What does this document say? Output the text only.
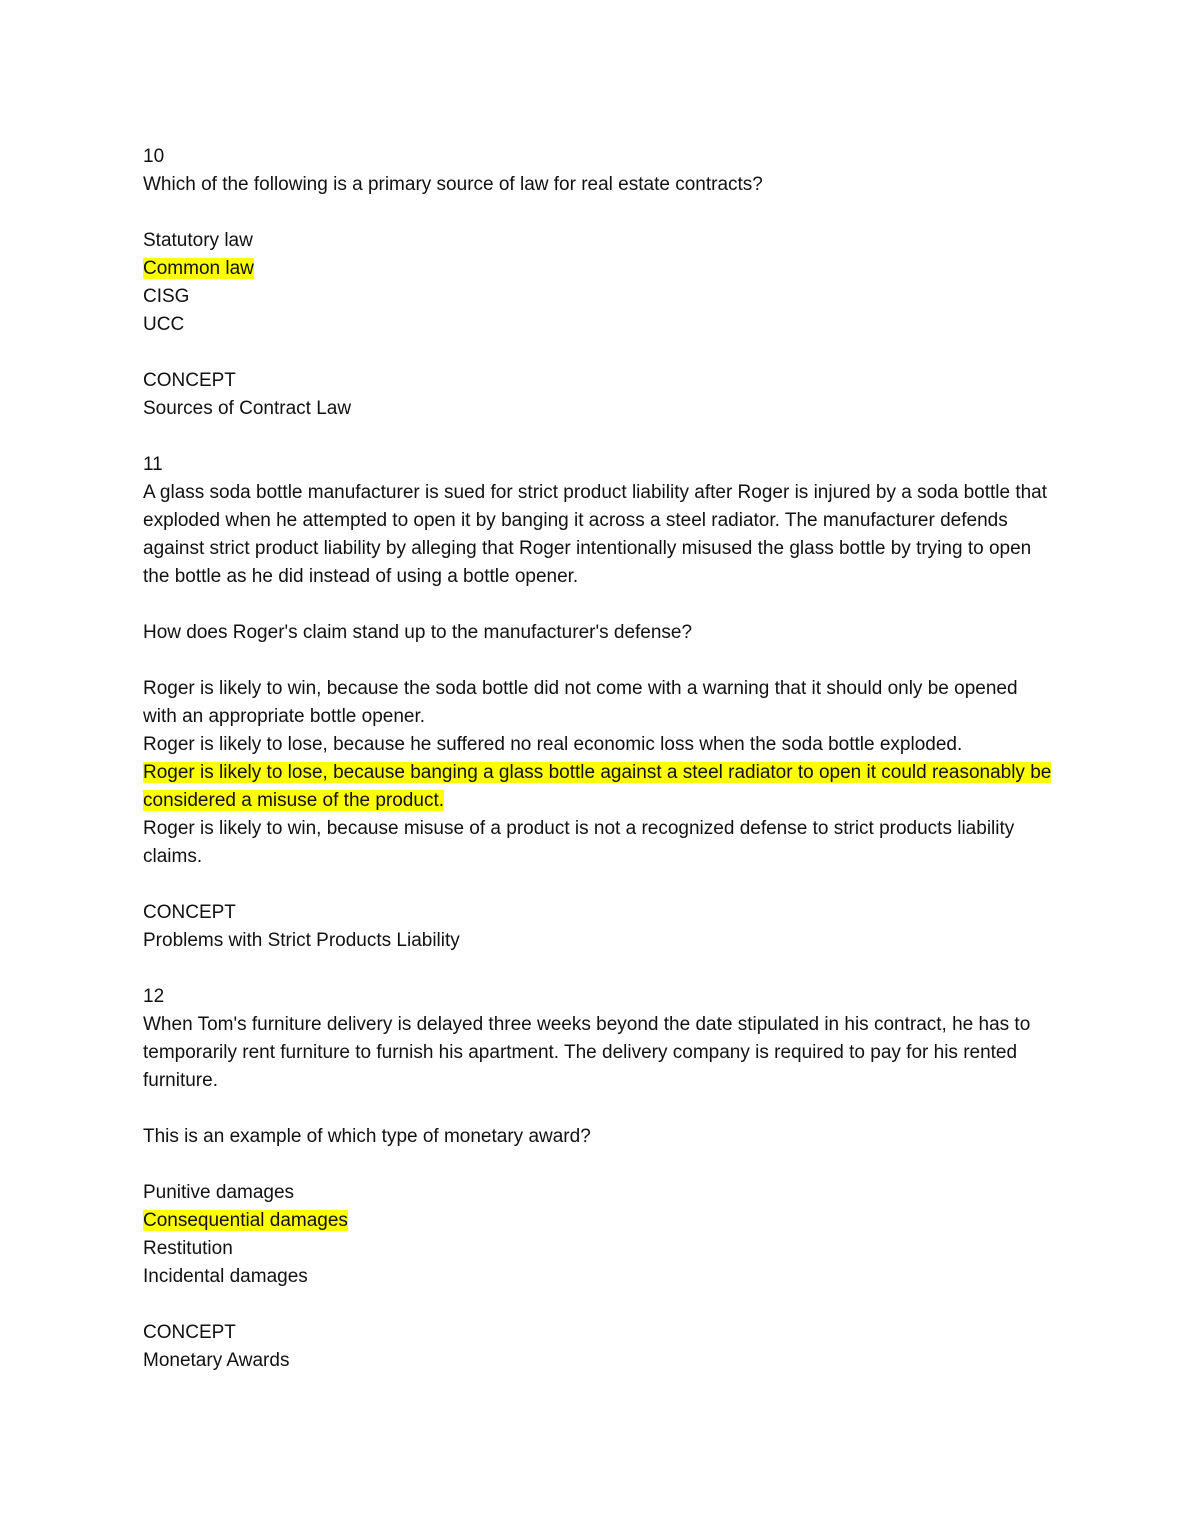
10
Which of the following is a primary source of law for real estate contracts?
Statutory law
Common law
CISG
UCC
CONCEPT
Sources of Contract Law
11
A glass soda bottle manufacturer is sued for strict product liability after Roger is injured by a soda bottle that exploded when he attempted to open it by banging it across a steel radiator. The manufacturer defends against strict product liability by alleging that Roger intentionally misused the glass bottle by trying to open the bottle as he did instead of using a bottle opener.
How does Roger's claim stand up to the manufacturer's defense?
Roger is likely to win, because the soda bottle did not come with a warning that it should only be opened with an appropriate bottle opener.
Roger is likely to lose, because he suffered no real economic loss when the soda bottle exploded.
Roger is likely to lose, because banging a glass bottle against a steel radiator to open it could reasonably be considered a misuse of the product.
Roger is likely to win, because misuse of a product is not a recognized defense to strict products liability claims.
CONCEPT
Problems with Strict Products Liability
12
When Tom's furniture delivery is delayed three weeks beyond the date stipulated in his contract, he has to temporarily rent furniture to furnish his apartment. The delivery company is required to pay for his rented furniture.
This is an example of which type of monetary award?
Punitive damages
Consequential damages
Restitution
Incidental damages
CONCEPT
Monetary Awards
